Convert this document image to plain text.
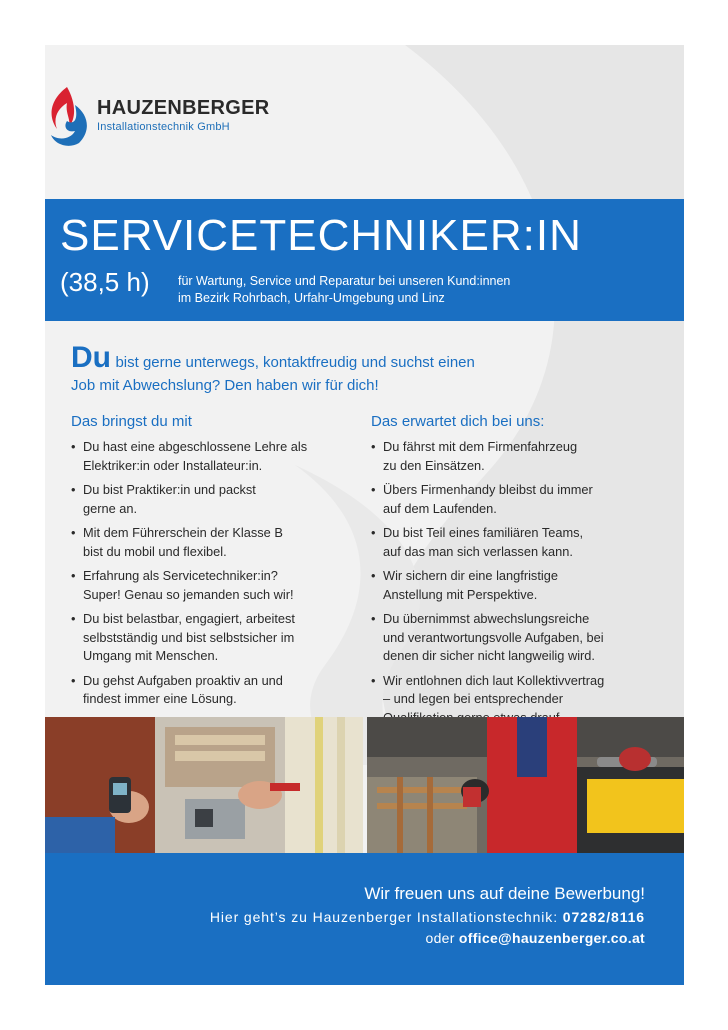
HAUZENBERGER
Installationstechnik GmbH
SERVICETECHNIKER:IN
(38,5 h) für Wartung, Service und Reparatur bei unseren Kund:innen
im Bezirk Rohrbach, Urfahr-Umgebung und Linz
Du bist gerne unterwegs, kontaktfreudig und suchst einen
Job mit Abwechslung? Den haben wir für dich!
Das bringst du mit
• Du hast eine abgeschlossene Lehre als
Elektriker:in oder Installateur:in.
• Du bist Praktiker:in und packst
gerne an.
• Mit dem Führerschein der Klasse B
bist du mobil und flexibel.
• Erfahrung als Servicetechniker:in?
Super! Genau so jemanden such wir!
• Du bist belastbar, engagiert, arbeitest
selbstständig und bist selbstsicher im
Umgang mit Menschen.
• Du gehst Aufgaben proaktiv an und
findest immer eine Lösung.
Das erwartet dich bei uns:
• Du fährst mit dem Firmenfahrzeug
zu den Einsätzen.
• Übers Firmenhandy bleibst du immer
auf dem Laufenden.
• Du bist Teil eines familiären Teams,
auf das man sich verlassen kann.
• Wir sichern dir eine langfristige
Anstellung mit Perspektive.
• Du übernimmst abwechslungsreiche
und verantwortungsvolle Aufgaben, bei
denen dir sicher nicht langweilig wird.
• Wir entlohnen dich laut Kollektivvertrag
– und legen bei entsprechender
Wir freuen uns auf deine Bewerbung!
Hier geht’s zu Hauzenberger Installationstechnik: 07282/8116
oder office@hauzenberger.co.at
